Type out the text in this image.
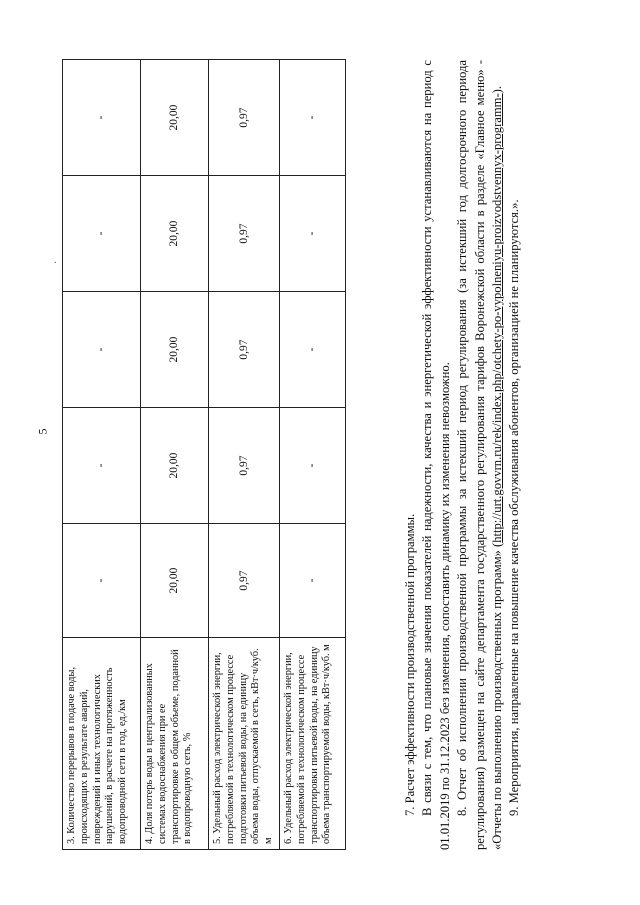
.
5
3. Количество перерывов в подаче воды, происходящих в результате аварий, повреждений и иных технологических нарушений, в расчете на протяженность водопроводной сети в год, ед./км	-	-	-	-	-
4. Доля потерь воды в централизованных системах водоснабжения при ее транспортировке в общем объеме, поданной в водопроводную сеть, %	20,00	20,00	20,00	20,00	20,00
5. Удельный расход электрической энергии, потребляемой в технологическом процессе подготовки питьевой воды, на единицу объема воды, отпускаемой в сеть, кВт·ч/куб. м	0,97	0,97	0,97	0,97	0,97
6. Удельный расход электрической энергии, потребляемой в технологическом процессе транспортировки питьевой воды, на единицу объема транспортируемой воды, кВт·ч/куб. м	-	-	-	-	-

7. Расчет эффективности производственной программы. В связи с тем, что плановые значения показателей надежности, качества и энергетической эффективности устанавливаются на период с 01.01.2019 по 31.12.2023 без изменения, сопоставить динамику их изменения невозможно. 8. Отчет об исполнении производственной программы за истекший период регулирования (за истекший год долгосрочного периода регулирования) размещен на сайте департамента государственного регулирования тарифов Воронежской области в разделе «Главное меню» - «Отчеты по выполнению производственных программ» (http://urt.govvrn.ru/rek/index.php/otchety-po-vypolneniyu-proizvodstvennyx-programm-).

9. Мероприятия, направленные на повышение качества обслуживания абонентов, организацией не планируются.».
